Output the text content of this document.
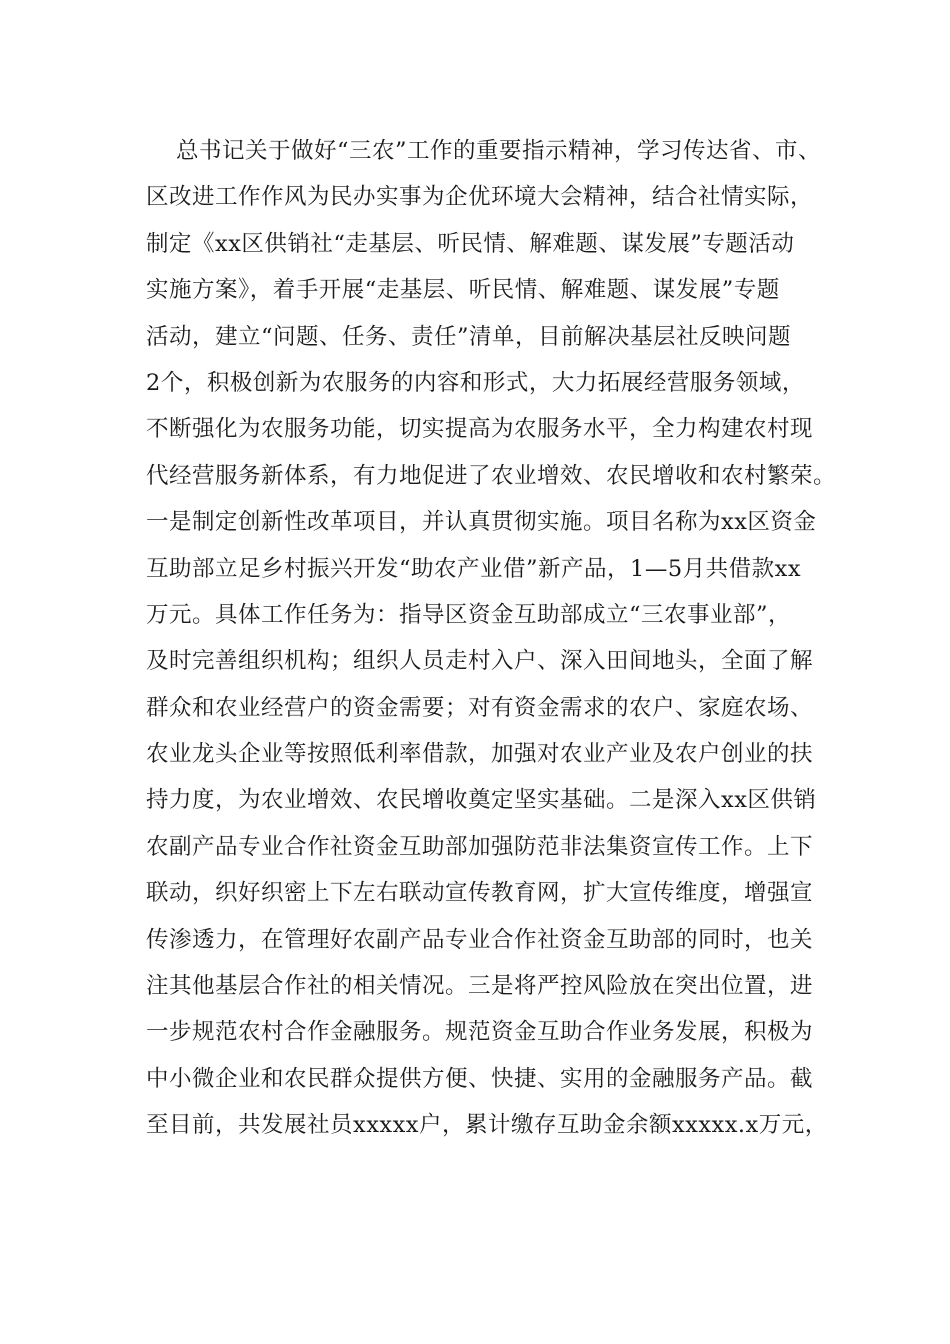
总书记关于做好“三农”工作的重要指示精神，学习传达省、市、
区改进工作作风为民办实事为企优环境大会精神，结合社情实际，
制定《xx区供销社“走基层、听民情、解难题、谋发展”专题活动
实施方案》，着手开展“走基层、听民情、解难题、谋发展”专题
活动，建立“问题、任务、责任”清单，目前解决基层社反映问题
2个，积极创新为农服务的内容和形式，大力拓展经营服务领域，
不断强化为农服务功能，切实提高为农服务水平，全力构建农村现
代经营服务新体系，有力地促进了农业增效、农民增收和农村繁荣。
一是制定创新性改革项目，并认真贯彻实施。项目名称为xx区资金
互助部立足乡村振兴开发“助农产业借”新产品，1—5月共借款xx
万元。具体工作任务为：指导区资金互助部成立“三农事业部”，
及时完善组织机构；组织人员走村入户、深入田间地头，全面了解
群众和农业经营户的资金需要；对有资金需求的农户、家庭农场、
农业龙头企业等按照低利率借款，加强对农业产业及农户创业的扶
持力度，为农业增效、农民增收奠定坚实基础。二是深入xx区供销
农副产品专业合作社资金互助部加强防范非法集资宣传工作。上下
联动，织好织密上下左右联动宣传教育网，扩大宣传维度，增强宣
传渗透力，在管理好农副产品专业合作社资金互助部的同时，也关
注其他基层合作社的相关情况。三是将严控风险放在突出位置，进
一步规范农村合作金融服务。规范资金互助合作业务发展，积极为
中小微企业和农民群众提供方便、快捷、实用的金融服务产品。截
至目前，共发展社员xxxxx户，累计缴存互助金余额xxxxx.x万元，
